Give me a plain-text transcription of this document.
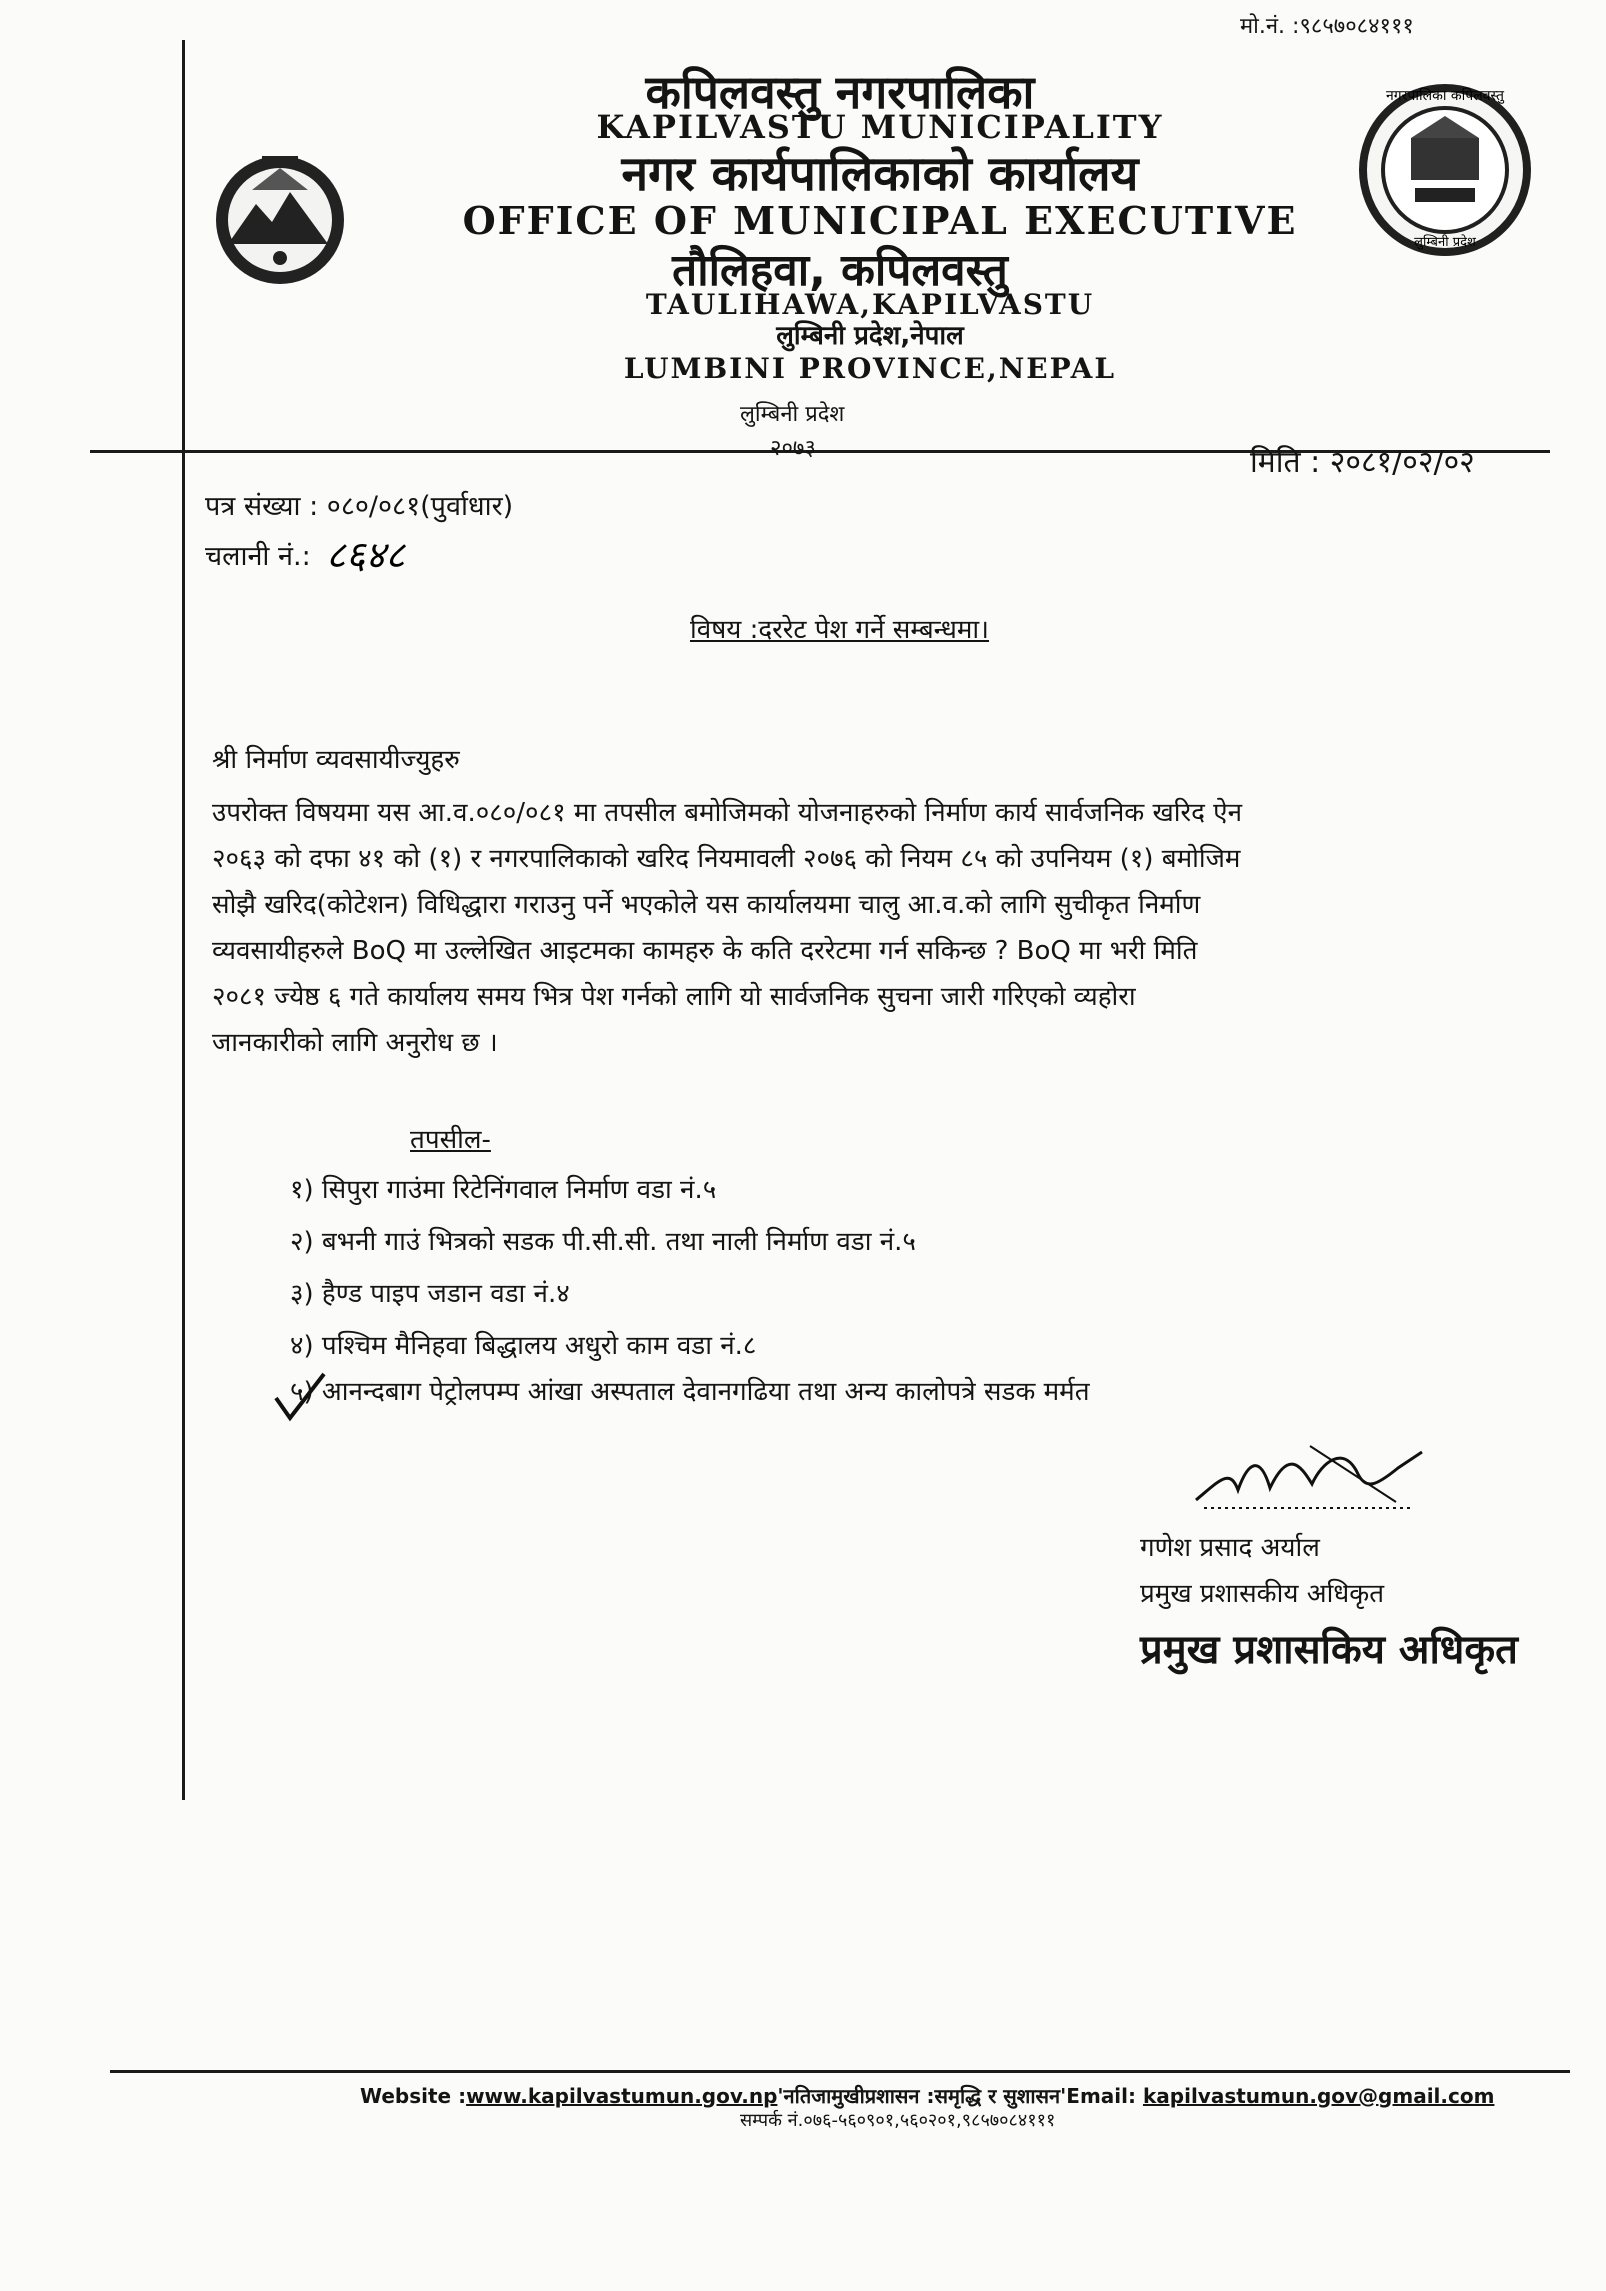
मो.नं. :९८५७०८४१११
नगरपालिका कपिलवस्तु
लुम्बिनी प्रदेश
कपिलवस्तु नगरपालिका
KAPILVASTU MUNICIPALITY
नगर कार्यपालिकाको कार्यालय
OFFICE OF MUNICIPAL EXECUTIVE
तौलिहवा, कपिलवस्तु
TAULIHAWA,KAPILVASTU
लुम्बिनी प्रदेश,नेपाल
LUMBINI PROVINCE,NEPAL
लुम्बिनी प्रदेश
२०७३	मिति : २०८१/०२/०२
पत्र संख्या : ०८०/०८१(पुर्वाधार)
चलानी नं.: ८६४८
विषय :दररेट पेश गर्ने सम्बन्धमा।
श्री निर्माण व्यवसायीज्युहरु
उपरोक्त विषयमा यस आ.व.०८०/०८१ मा तपसील बमोजिमको योजनाहरुको निर्माण कार्य सार्वजनिक खरिद ऐन
२०६३ को दफा ४१ को (१) र नगरपालिकाको खरिद नियमावली २०७६ को नियम ८५ को उपनियम (१) बमोजिम
सोझै खरिद(कोटेशन) विधिद्धारा गराउनु पर्ने भएकोले यस कार्यालयमा चालु आ.व.को लागि सुचीकृत निर्माण
व्यवसायीहरुले BoQ मा उल्लेखित आइटमका कामहरु के कति दररेटमा गर्न सकिन्छ ? BoQ मा भरी मिति
२०८१ ज्येष्ठ ६ गते कार्यालय समय भित्र पेश गर्नको लागि यो सार्वजनिक सुचना जारी गरिएको व्यहोरा
जानकारीको लागि अनुरोध छ ।
तपसील-
१) सिपुरा गाउंमा रिटेनिंगवाल निर्माण वडा नं.५
२) बभनी गाउं भित्रको सडक पी.सी.सी. तथा नाली निर्माण वडा नं.५
३) हैण्ड पाइप जडान वडा नं.४
४) पश्चिम मैनिहवा बिद्धालय अधुरो काम वडा नं.८
५) आनन्दबाग पेट्रोलपम्प आंखा अस्पताल देवानगढिया तथा अन्य कालोपत्रे सडक मर्मत
गणेश प्रसाद अर्याल
प्रमुख प्रशासकीय अधिकृत
प्रमुख प्रशासकिय अधिकृत
Website :www.kapilvastumun.gov.np'नतिजामुखीप्रशासन :समृद्धि र सुशासन'Email: kapilvastumun.gov@gmail.com
सम्पर्क नं.०७६-५६०९०१,५६०२०१,९८५७०८४१११
